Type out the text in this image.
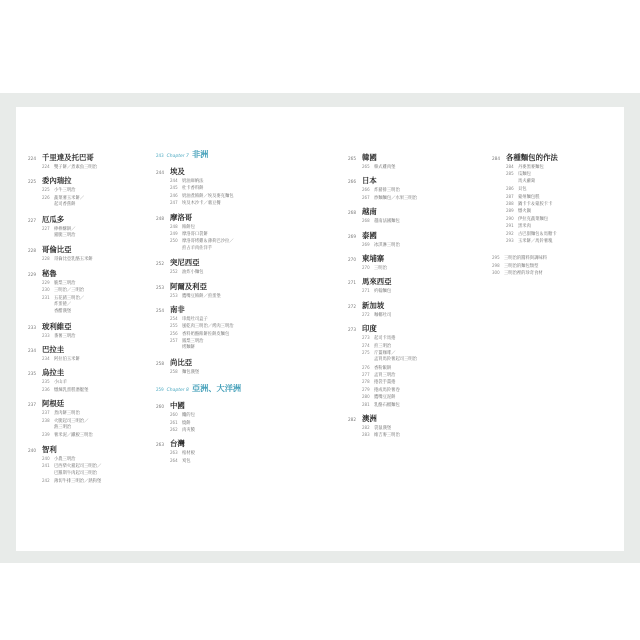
224 千里達及托巴哥
224	雙子餅／煮素魚三明治
225 委內瑞拉
225	小牛三明治
226	蔬菜薯玉米餅／
起司香蕉餅
227 厄瓜多
227	棒棒酥餅／
豬腿三明治
228 哥倫比亞
228	哥倫比亞乳酪玉米餅
229 秘魯
229	脆梨三明治
230	三明治／三明治
231	五花豬三明治／
炸蛋捲／
香醋漢堡
233 玻利維亞
233	番薯三明治
234 巴拉圭
234	阿拉伯玉米餅
235 烏拉圭
235	小山羊
236	燉煉乳蛋糕潛艇堡
237 阿根廷
237	煮肉餅三明治
238	火腿起司三明治／
熱三明治
239	薯米泥／鐵板三明治
240 智利
240	小農三明治
241	巴西柴火豬起司三明治／
巴羅斯牛肉起司三明治
242	薄切牛排三明治／熱狗堡
243 Chapter 7 非洲
244 埃及
244	奶油庫納法
245	杜卡香料餅
246	奶油煮餡餅／埃及麥克麵包
247	埃及木沙卡／羹豆餐
248 摩洛哥
248	餡餅包
249	摩洛哥口袋餅
250	摩洛哥烤雞＆薄荷巴沙拉／
煎占羊肉佐洋芋
252 突尼西亞
252	油炸小麵包
253 阿爾及利亞
253	鷹嘴豆餡餅／煎蛋堡
254 南非
254	串燒吐司盒子
255	風乾肉三明治／烤肉三明治
256	香料奶酪餡餅佐餅皮麵包
257	鳳梨三明治
烤麵餅
258 尚比亞
258	麵包漢堡
259 Chapter 8 亞洲、大洋洲
260 中國
260	饢的包
261	燒餅
262	肉夾饃
263 台灣
263	棺材板
264	刈包
265 韓國
265	韓式雞肉堡
266 日本
266	炸豬排三明治
267	炒麵麵包／水果三明治
268 越南
268	越南法國麵包
269 泰國
269	冰淇淋三明治
270 柬埔寨
270	三明治
271 馬來西亞
271	約翰麵包
272 新加坡
272	咖椰吐司
273 印度
273	起司卡馬捲
274	煎三明治
275	斤薑咖啡／
孟買馬鈴薯起司三明治
276	香粉飯餅
277	孟買三明治
278	捲袋手薑捲
279	捲成馬鈴薯卷
280	鷹嘴豆泥餅
281	乳酪石榴麵包
282 澳洲
282	袋鼠漢堡
283	維吉麥三明治
284 各種麵包的作法
284	丹麥黑麥麵包
285	瓜麵包
馬夫蘿蔔
286	貝包
287	蒙州麵包糕
288	鍋卡卡＆蒙胶卡卡
289	燉火鍋
290	伊拉克蔬菜麵包
291	黑米肉
292	古巴甜麵包＆馬糖卡
293	玉米餅／馬鈴薯塊
295	三明治的醬料與調味料
298	三明治的麵包類型
300	三明治裡的珍奇食材
